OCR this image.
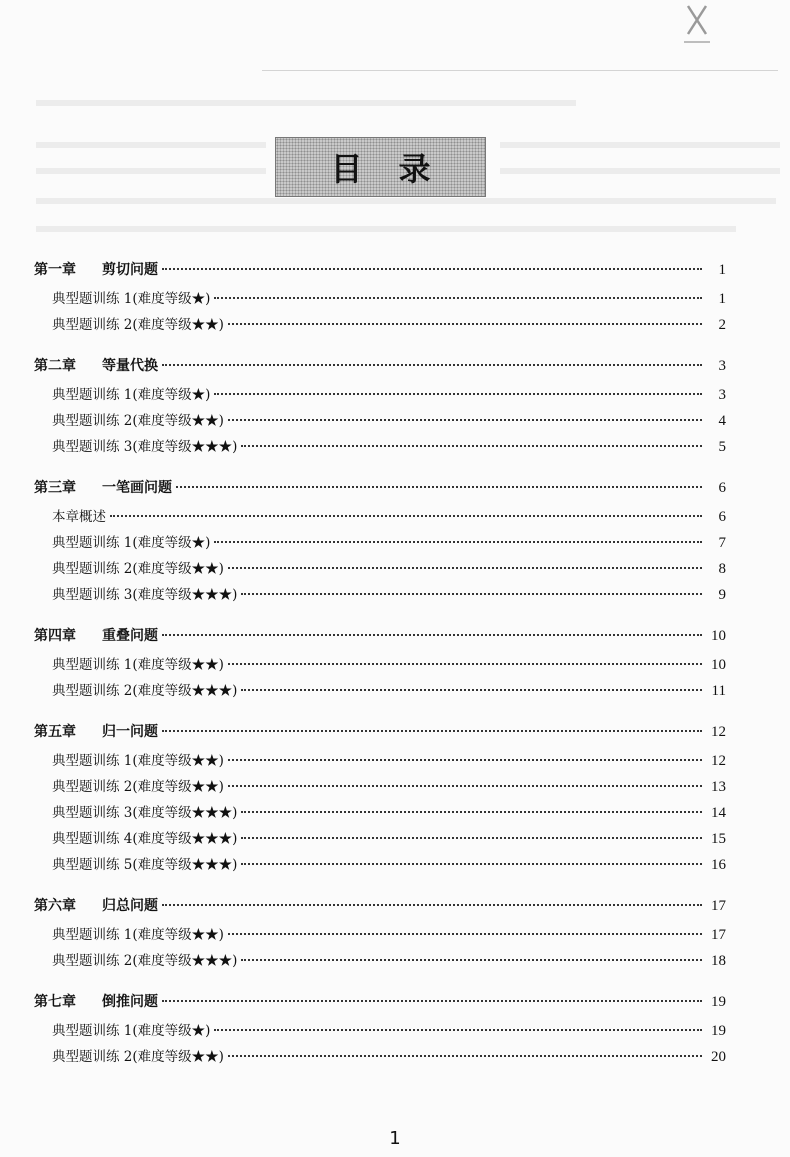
目录
第一章	剪切问题	1
典型题训练 1(难度等级★)	1
典型题训练 2(难度等级★★)	2
第二章	等量代换	3
典型题训练 1(难度等级★)	3
典型题训练 2(难度等级★★)	4
典型题训练 3(难度等级★★★)	5
第三章	一笔画问题	6
本章概述	6
典型题训练 1(难度等级★)	7
典型题训练 2(难度等级★★)	8
典型题训练 3(难度等级★★★)	9
第四章	重叠问题	10
典型题训练 1(难度等级★★)	10
典型题训练 2(难度等级★★★)	11
第五章	归一问题	12
典型题训练 1(难度等级★★)	12
典型题训练 2(难度等级★★)	13
典型题训练 3(难度等级★★★)	14
典型题训练 4(难度等级★★★)	15
典型题训练 5(难度等级★★★)	16
第六章	归总问题	17
典型题训练 1(难度等级★★)	17
典型题训练 2(难度等级★★★)	18
第七章	倒推问题	19
典型题训练 1(难度等级★)	19
典型题训练 2(难度等级★★)	20
1
